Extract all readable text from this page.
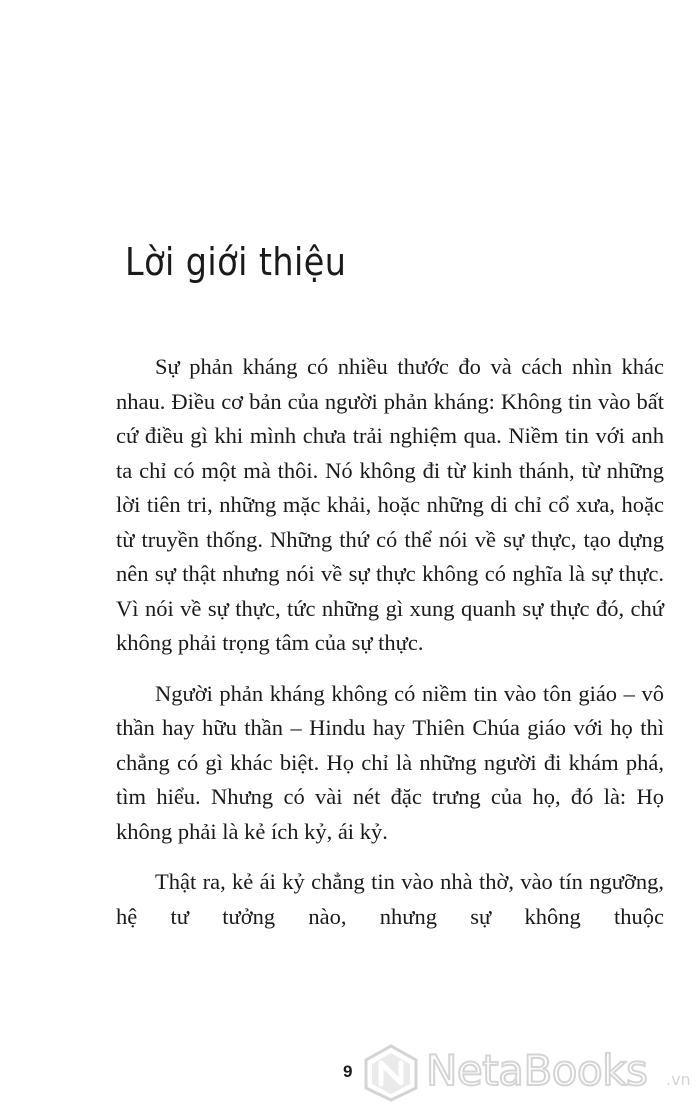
Lời giới thiệu

Sự phản kháng có nhiều thước đo và cách nhìn khác nhau. Điều cơ bản của người phản kháng: Không tin vào bất cứ điều gì khi mình chưa trải nghiệm qua. Niềm tin với anh ta chỉ có một mà thôi. Nó không đi từ kinh thánh, từ những lời tiên tri, những mặc khải, hoặc những di chỉ cổ xưa, hoặc từ truyền thống. Những thứ có thể nói về sự thực, tạo dựng nên sự thật nhưng nói về sự thực không có nghĩa là sự thực. Vì nói về sự thực, tức những gì xung quanh sự thực đó, chứ không phải trọng tâm của sự thực.

Người phản kháng không có niềm tin vào tôn giáo – vô thần hay hữu thần – Hindu hay Thiên Chúa giáo với họ thì chẳng có gì khác biệt. Họ chỉ là những người đi khám phá, tìm hiểu. Nhưng có vài nét đặc trưng của họ, đó là: Họ không phải là kẻ ích kỷ, ái kỷ.

Thật ra, kẻ ái kỷ chẳng tin vào nhà thờ, vào tín ngưỡng, hệ tư tưởng nào, nhưng sự không thuộc

9 NetaBooks .vn
